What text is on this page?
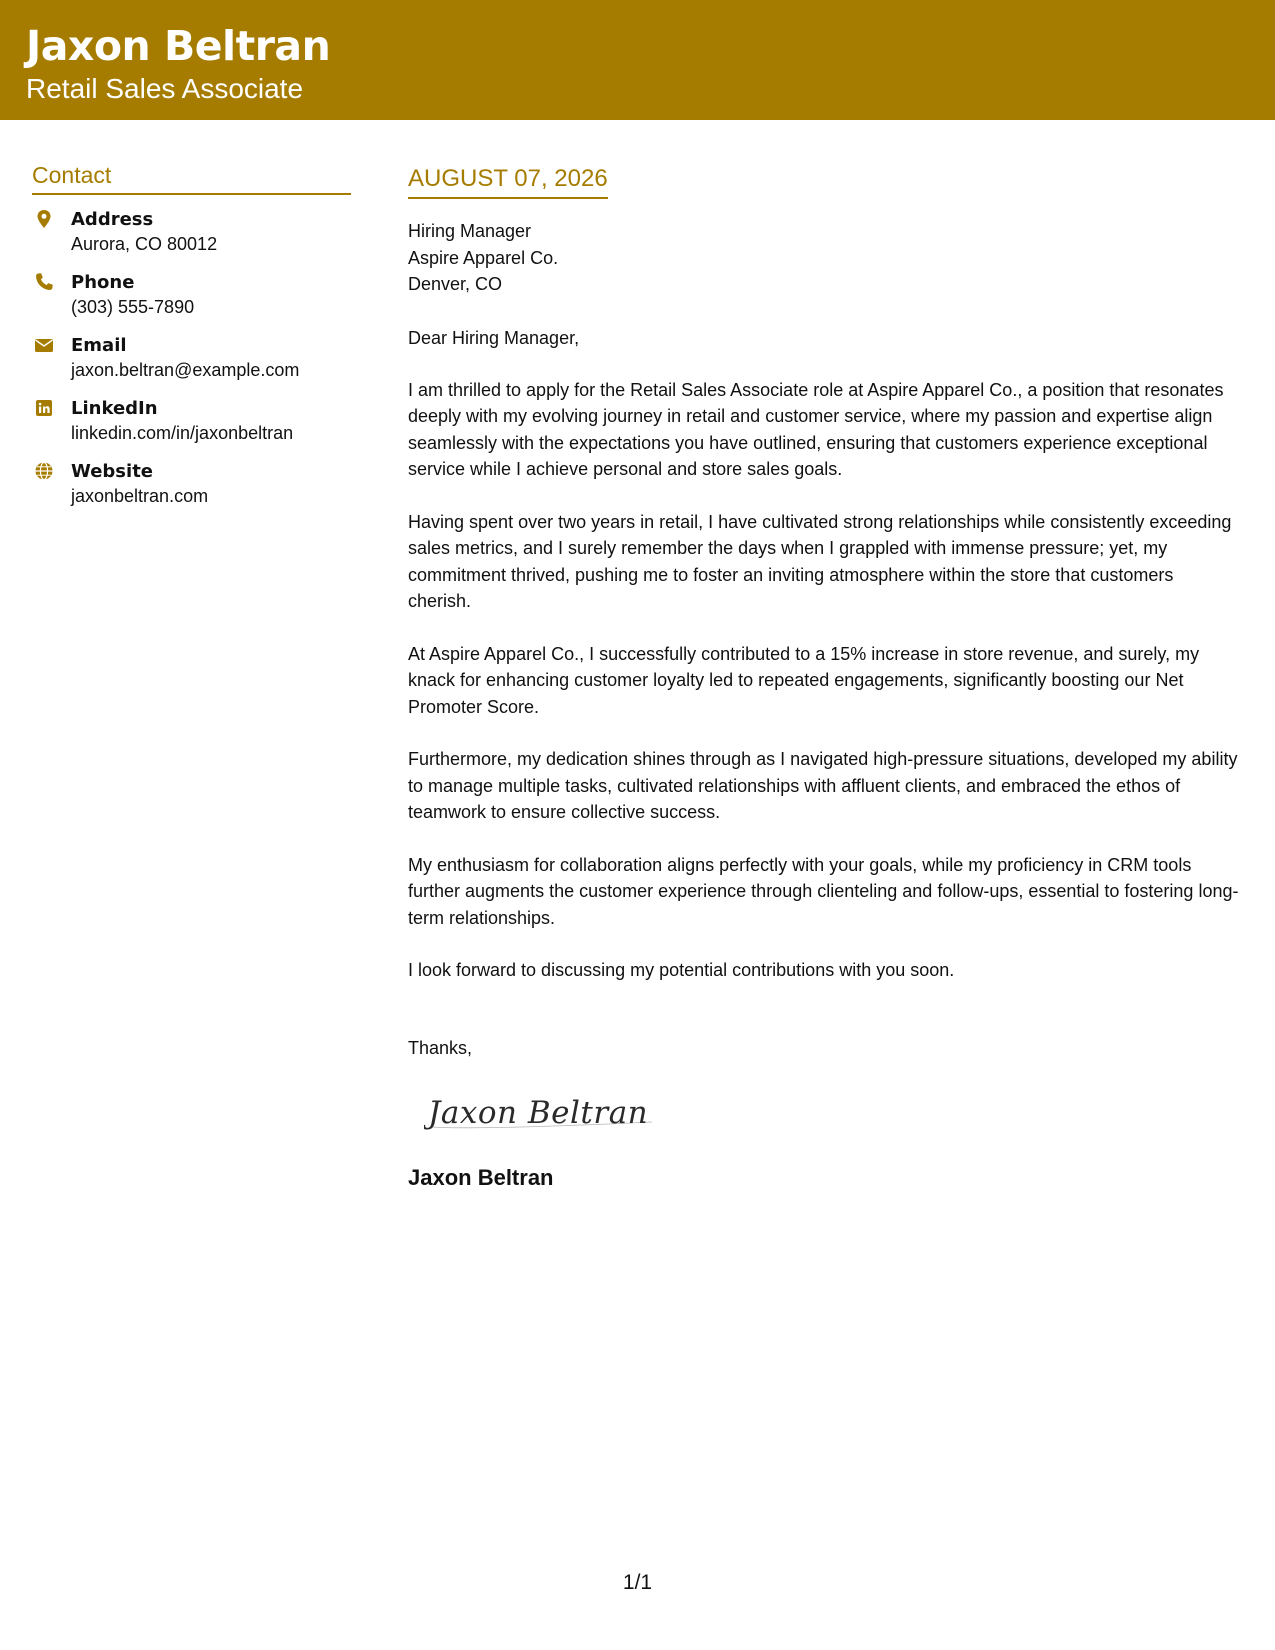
Jaxon Beltran
Retail Sales Associate
Contact
Address
Aurora, CO 80012
Phone
(303) 555-7890
Email
jaxon.beltran@example.com
LinkedIn
linkedin.com/in/jaxonbeltran
Website
jaxonbeltran.com
AUGUST 07, 2026
Hiring Manager
Aspire Apparel Co.
Denver, CO
Dear Hiring Manager,
I am thrilled to apply for the Retail Sales Associate role at Aspire Apparel Co., a position that resonates deeply with my evolving journey in retail and customer service, where my passion and expertise align seamlessly with the expectations you have outlined, ensuring that customers experience exceptional service while I achieve personal and store sales goals.
Having spent over two years in retail, I have cultivated strong relationships while consistently exceeding sales metrics, and I surely remember the days when I grappled with immense pressure; yet, my commitment thrived, pushing me to foster an inviting atmosphere within the store that customers cherish.
At Aspire Apparel Co., I successfully contributed to a 15% increase in store revenue, and surely, my knack for enhancing customer loyalty led to repeated engagements, significantly boosting our Net Promoter Score.
Furthermore, my dedication shines through as I navigated high-pressure situations, developed my ability to manage multiple tasks, cultivated relationships with affluent clients, and embraced the ethos of teamwork to ensure collective success.
My enthusiasm for collaboration aligns perfectly with your goals, while my proficiency in CRM tools further augments the customer experience through clienteling and follow-ups, essential to fostering long-term relationships.
I look forward to discussing my potential contributions with you soon.
Thanks,
Jaxon Beltran
Jaxon Beltran
1/1
